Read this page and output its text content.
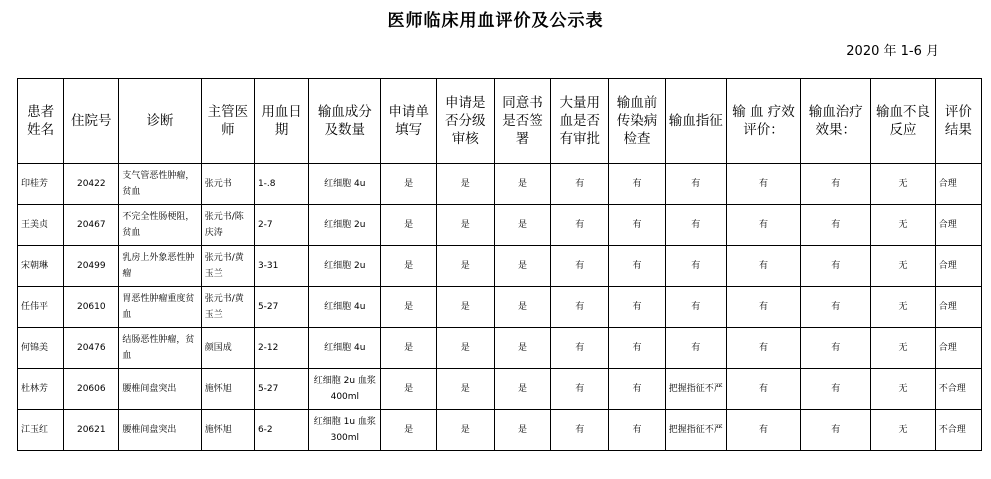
医师临床用血评价及公示表
2020 年 1-6 月
患者姓名	住院号	诊断	主管医师	用血日期	输血成分及数量	申请单填写	申请是否分级审核	同意书是否签署	大量用血是否有审批	输血前传染病检查	输血指征	输 血 疗效评价：	输血治疗效果：	输血不良反应	评价结果
印桂芳	20422	支气管恶性肿瘤，贫血	张元书	1-.8	红细胞 4u	是	是	是	有	有	有	有	有	无	合理
王美贞	20467	不完全性肠梗阻，贫血	张元书/陈庆涛	2-7	红细胞 2u	是	是	是	有	有	有	有	有	无	合理
宋朝琳	20499	乳房上外象恶性肿瘤	张元书/黄玉兰	3-31	红细胞 2u	是	是	是	有	有	有	有	有	无	合理
任伟平	20610	胃恶性肿瘤重度贫血	张元书/黄玉兰	5-27	红细胞 4u	是	是	是	有	有	有	有	有	无	合理
何锦美	20476	结肠恶性肿瘤，贫血	颜国成	2-12	红细胞 4u	是	是	是	有	有	有	有	有	无	合理
杜林芳	20606	腰椎间盘突出	施怀旭	5-27	红细胞 2u 血浆 400ml	是	是	是	有	有	把握指征不严	有	有	无	不合理
江玉红	20621	腰椎间盘突出	施怀旭	6-2	红细胞 1u 血浆 300ml	是	是	是	有	有	把握指征不严	有	有	无	不合理
